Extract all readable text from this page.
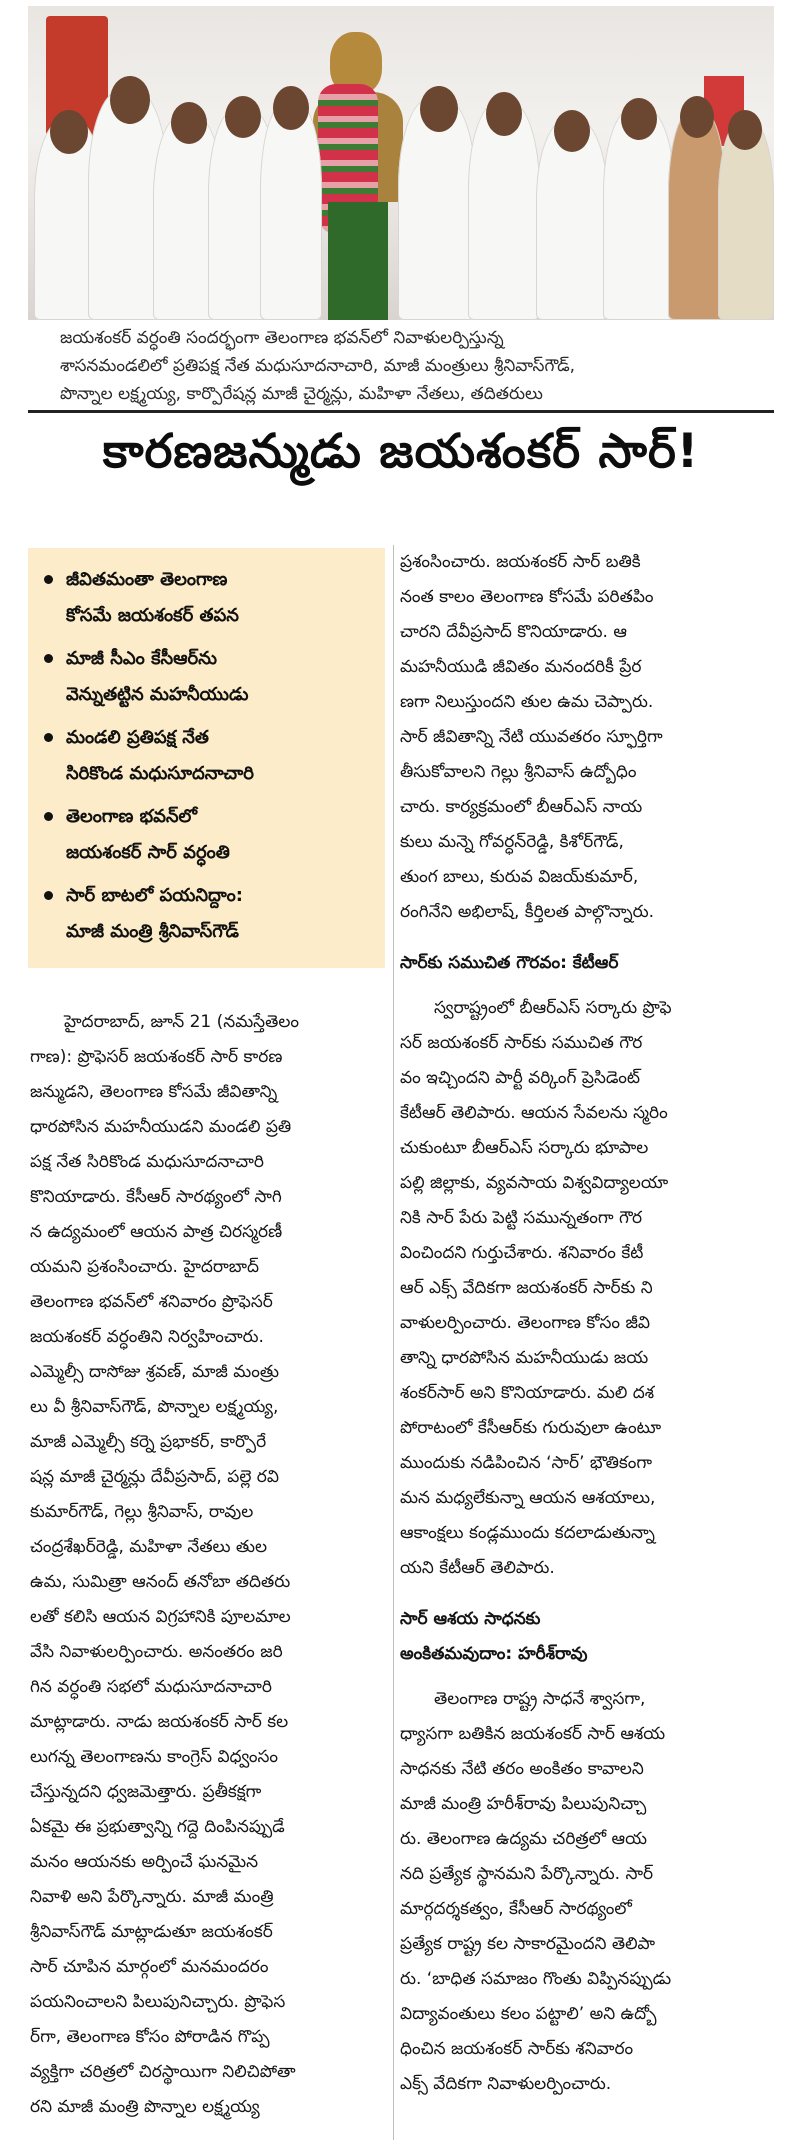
జయశంకర్ వర్ధంతి సందర్భంగా తెలంగాణ భవన్‌లో నివాళులర్పిస్తున్న
శాసనమండలిలో ప్రతిపక్ష నేత మధుసూదనాచారి, మాజీ మంత్రులు శ్రీనివాస్‌గౌడ్,
పొన్నాల లక్ష్మయ్య, కార్పొరేషన్ల మాజీ చైర్మన్లు, మహిళా నేతలు, తదితరులు
కారణజన్ముడు జయశంకర్ సార్!
జీవితమంతా తెలంగాణ
కోసమే జయశంకర్ తపన
మాజీ సీఎం కేసీఆర్‌ను
వెన్నుతట్టిన మహనీయుడు
మండలి ప్రతిపక్ష నేత
సిరికొండ మధుసూదనాచారి
తెలంగాణ భవన్‌లో
జయశంకర్ సార్ వర్ధంతి
సార్ బాటలో పయనిద్దాం:
మాజీ మంత్రి శ్రీనివాస్‌గౌడ్

హైదరాబాద్, జూన్ 21 (నమస్తేతెలం
గాణ): ప్రొఫెసర్ జయశంకర్ సార్ కారణ
జన్ముడని, తెలంగాణ కోసమే జీవితాన్ని
ధారపోసిన మహనీయుడని మండలి ప్రతి
పక్ష నేత సిరికొండ మధుసూదనాచారి
కొనియాడారు. కేసీఆర్ సారథ్యంలో సాగి
న ఉద్యమంలో ఆయన పాత్ర చిరస్మరణీ
యమని ప్రశంసించారు. హైదరాబాద్
తెలంగాణ భవన్‌లో శనివారం ప్రొఫెసర్
జయశంకర్ వర్ధంతిని నిర్వహించారు.
ఎమ్మెల్సీ దాసోజు శ్రవణ్, మాజీ మంత్రు
లు వీ శ్రీనివాస్‌గౌడ్, పొన్నాల లక్ష్మయ్య,
మాజీ ఎమ్మెల్సీ కర్నె ప్రభాకర్, కార్పొరే
షన్ల మాజీ చైర్మన్లు దేవీప్రసాద్, పల్లె రవి
కుమార్‌గౌడ్, గెల్లు శ్రీనివాస్, రావుల
చంద్రశేఖర్‌రెడ్డి, మహిళా నేతలు తుల
ఉమ, సుమిత్రా ఆనంద్ తనోబా తదితరు
లతో కలిసి ఆయన విగ్రహానికి పూలమాల
వేసి నివాళులర్పించారు. అనంతరం జరి
గిన వర్ధంతి సభలో మధుసూదనాచారి
మాట్లాడారు. నాడు జయశంకర్ సార్ కల
లుగన్న తెలంగాణను కాంగ్రెస్ విధ్వంసం
చేస్తున్నదని ధ్వజమెత్తారు. ప్రతీకక్షగా
ఏకమై ఈ ప్రభుత్వాన్ని గద్దె దింపినప్పుడే
మనం ఆయనకు అర్పించే ఘనమైన
నివాళి అని పేర్కొన్నారు. మాజీ మంత్రి
శ్రీనివాస్‌గౌడ్ మాట్లాడుతూ జయశంకర్
సార్ చూపిన మార్గంలో మనమందరం
పయనించాలని పిలుపునిచ్చారు. ప్రొఫెస
ర్‌గా, తెలంగాణ కోసం పోరాడిన గొప్ప
వ్యక్తిగా చరిత్రలో చిరస్థాయిగా నిలిచిపోతా
రని మాజీ మంత్రి పొన్నాల లక్ష్మయ్య

ప్రశంసించారు. జయశంకర్ సార్ బతికి
నంత కాలం తెలంగాణ కోసమే పరితపిం
చారని దేవీప్రసాద్ కొనియాడారు. ఆ
మహనీయుడి జీవితం మనందరికీ ప్రేర
ణగా నిలుస్తుందని తుల ఉమ చెప్పారు.
సార్ జీవితాన్ని నేటి యువతరం స్ఫూర్తిగా
తీసుకోవాలని గెల్లు శ్రీనివాస్ ఉద్బోధిం
చారు. కార్యక్రమంలో బీఆర్ఎస్ నాయ
కులు మన్నె గోవర్ధన్‌రెడ్డి, కిశోర్‌గౌడ్,
తుంగ బాలు, కురువ విజయ్‌కుమార్,
రంగినేని అభిలాష్, కీర్తిలత పాల్గొన్నారు.

సార్‌కు సముచిత గౌరవం: కేటీఆర్

స్వరాష్ట్రంలో బీఆర్ఎస్ సర్కారు ప్రొఫె
సర్ జయశంకర్ సార్‌కు సముచిత గౌర
వం ఇచ్చిందని పార్టీ వర్కింగ్ ప్రెసిడెంట్
కేటీఆర్ తెలిపారు. ఆయన సేవలను స్మరిం
చుకుంటూ బీఆర్ఎస్ సర్కారు భూపాల
పల్లి జిల్లాకు, వ్యవసాయ విశ్వవిద్యాలయా
నికి సార్ పేరు పెట్టి సమున్నతంగా గౌర
వించిందని గుర్తుచేశారు. శనివారం కేటీ
ఆర్ ఎక్స్ వేదికగా జయశంకర్ సార్‌కు ని
వాళులర్పించారు. తెలంగాణ కోసం జీవి
తాన్ని ధారపోసిన మహనీయుడు జయ
శంకర్‌సార్ అని కొనియాడారు. మలి దశ
పోరాటంలో కేసీఆర్‌కు గురువులా ఉంటూ
ముందుకు నడిపించిన ‘సార్’ భౌతికంగా
మన మధ్యలేకున్నా ఆయన ఆశయాలు,
ఆకాంక్షలు కండ్లముందు కదలాడుతున్నా
యని కేటీఆర్ తెలిపారు.

సార్ ఆశయ సాధనకు
అంకితమవుదాం: హరీశ్‌రావు

తెలంగాణ రాష్ట్ర సాధనే శ్వాసగా,
ధ్యాసగా బతికిన జయశంకర్ సార్ ఆశయ
సాధనకు నేటి తరం అంకితం కావాలని
మాజీ మంత్రి హరీశ్‌రావు పిలుపునిచ్చా
రు. తెలంగాణ ఉద్యమ చరిత్రలో ఆయ
నది ప్రత్యేక స్థానమని పేర్కొన్నారు. సార్
మార్గదర్శకత్వం, కేసీఆర్ సారథ్యంలో
ప్రత్యేక రాష్ట్ర కల సాకారమైందని తెలిపా
రు. ‘బాధిత సమాజం గొంతు విప్పినప్పుడు
విద్యావంతులు కలం పట్టాలి’ అని ఉద్బో
ధించిన జయశంకర్ సార్‌కు శనివారం
ఎక్స్ వేదికగా నివాళులర్పించారు.
